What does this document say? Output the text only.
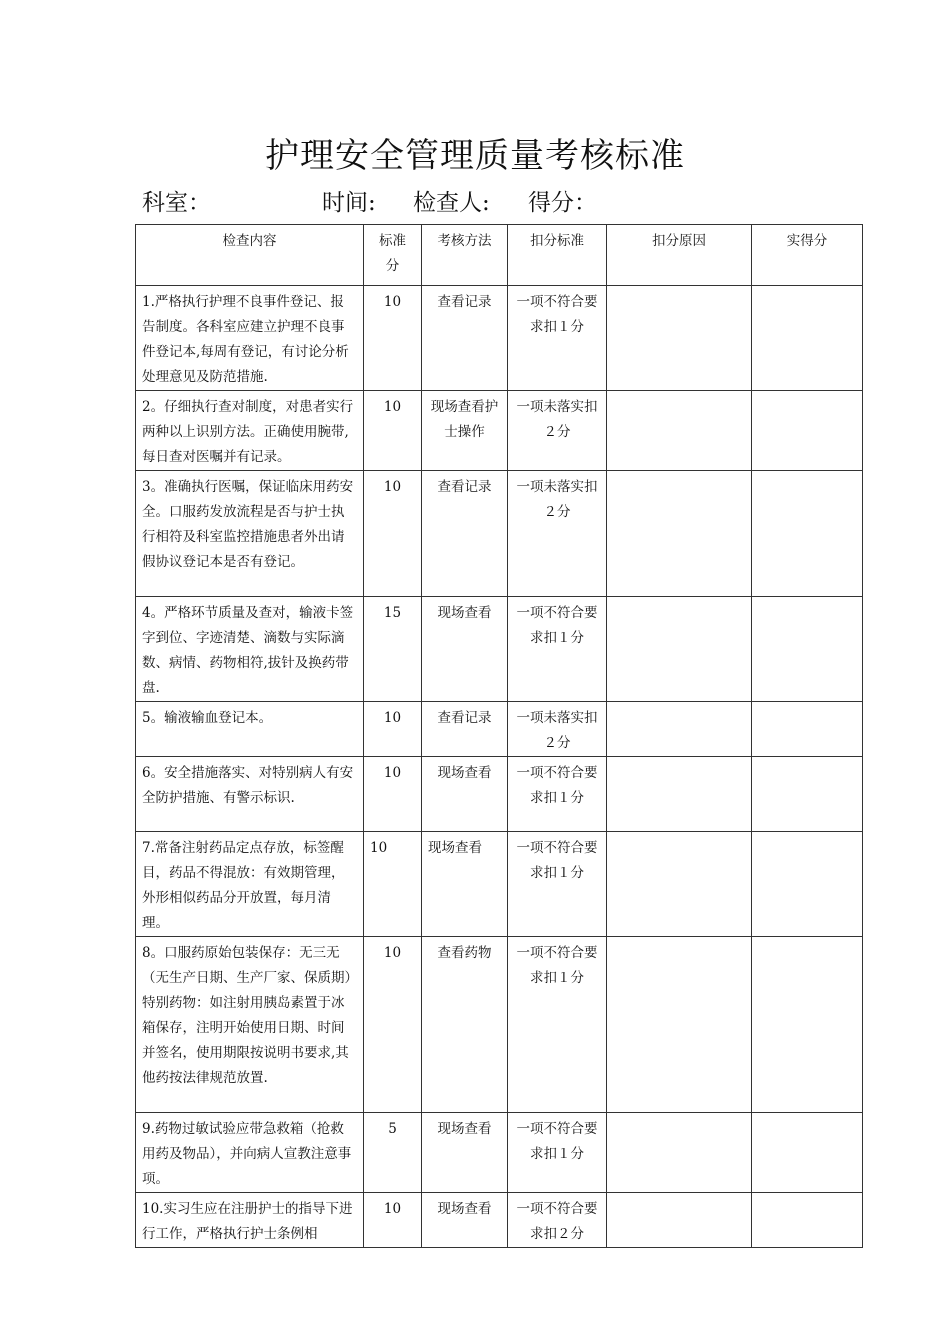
护理安全管理质量考核标准
科室：	时间: 检查人: 得分：
检查内容	标准分	考核方法	扣分标准	扣分原因	实得分
1.严格执行护理不良事件登记、报告制度。各科室应建立护理不良事件登记本,每周有登记，有讨论分析处理意见及防范措施.	10	查看记录	一项不符合要求扣１分		
2。仔细执行查对制度，对患者实行两种以上识别方法。正确使用腕带,每日查对医嘱并有记录。	10	现场查看护士操作	一项未落实扣２分		
3。准确执行医嘱，保证临床用药安全。口服药发放流程是否与护士执行相符及科室监控措施患者外出请假协议登记本是否有登记。	10	查看记录	一项未落实扣２分		
4。严格环节质量及查对，输液卡签字到位、字迹清楚、滴数与实际滴数、病情、药物相符,拔针及换药带盘.	15	现场查看	一项不符合要求扣１分		
5。输液输血登记本。	10	查看记录	一项未落实扣２分		
6。安全措施落实、对特别病人有安全防护措施、有警示标识.	10	现场查看	一项不符合要求扣１分		
7.常备注射药品定点存放，标签醒目，药品不得混放：有效期管理，外形相似药品分开放置，每月清理。	10	现场查看	一项不符合要求扣１分		
8。口服药原始包装保存：无三无（无生产日期、生产厂家、保质期）特别药物：如注射用胰岛素置于冰箱保存，注明开始使用日期、时间并签名，使用期限按说明书要求,其他药按法律规范放置.	10	查看药物	一项不符合要求扣１分		
9.药物过敏试验应带急救箱（抢救用药及物品），并向病人宣教注意事项。	5	现场查看	一项不符合要求扣１分		
10.实习生应在注册护士的指导下进行工作，严格执行护士条例相	10	现场查看	一项不符合要求扣２分		
